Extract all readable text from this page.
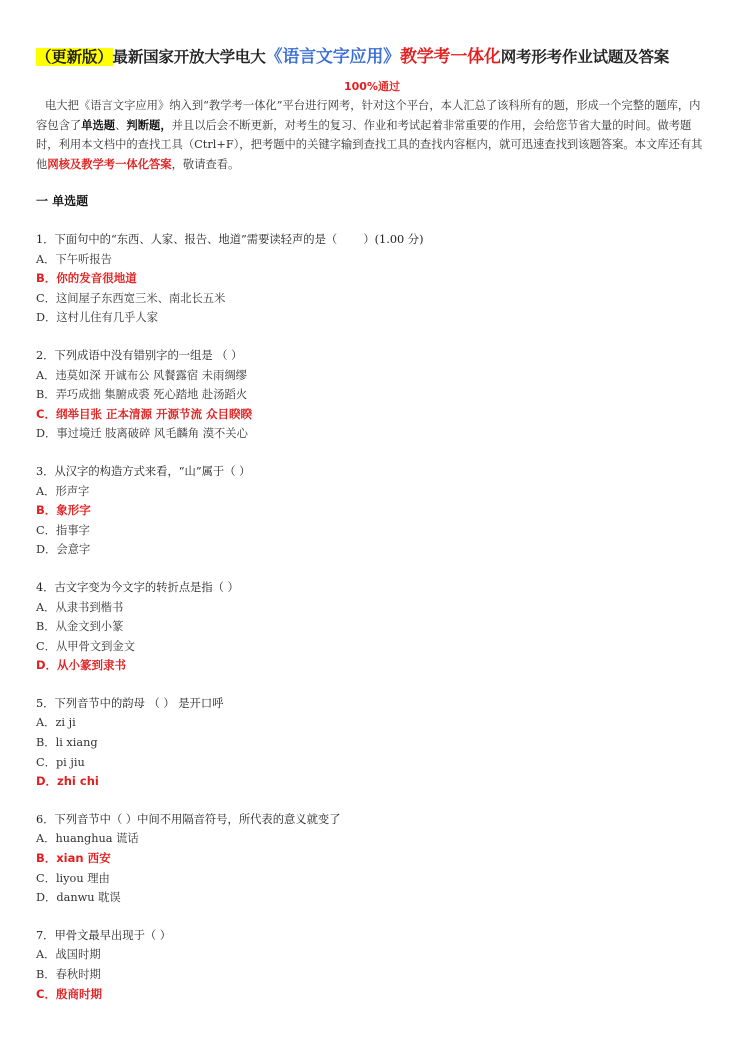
（更新版）最新国家开放大学电大《语言文字应用》教学考一体化网考形考作业试题及答案
100%通过
电大把《语言文字应用》纳入到“教学考一体化”平台进行网考，针对这个平台，本人汇总了该科所有的题，形成一个完整的题库，内容包含了单选题、判断题，并且以后会不断更新，对考生的复习、作业和考试起着非常重要的作用，会给您节省大量的时间。做考题时，利用本文档中的查找工具（Ctrl+F），把考题中的关键字输到查找工具的查找内容框内，就可迅速查找到该题答案。本文库还有其他网核及教学考一体化答案，敬请查看。
一 单选题
1．下面句中的“东西、人家、报告、地道”需要读轻声的是（　　 ）(1.00 分)
A．下午听报告
B．你的发音很地道
C．这间屋子东西宽三米、南北长五米
D．这村儿住有几乎人家
2．下列成语中没有错别字的一组是 （ ）
A．违莫如深 开诚布公 风餐露宿 未雨绸缪
B．弄巧成拙 集腑成裘 死心踏地 赴汤蹈火
C．纲举目张 正本清源 开源节流 众目睽睽
D．事过境迁 肢离破碎 风毛麟角 漠不关心
3．从汉字的构造方式来看，“山”属于（ ）
A．形声字
B．象形字
C．指事字
D．会意字
4．古文字变为今文字的转折点是指（ ）
A．从隶书到楷书
B．从金文到小篆
C．从甲骨文到金文
D．从小篆到隶书
5．下列音节中的韵母 （ ） 是开口呼
A．zi ji
B．li xiang
C．pi jiu
D．zhi chi
6．下列音节中（ ）中间不用隔音符号，所代表的意义就变了
A．huanghua 谎话
B．xian 西安
C．liyou 理由
D．danwu 耽误
7．甲骨文最早出现于（ ）
A．战国时期
B．春秋时期
C．殷商时期
